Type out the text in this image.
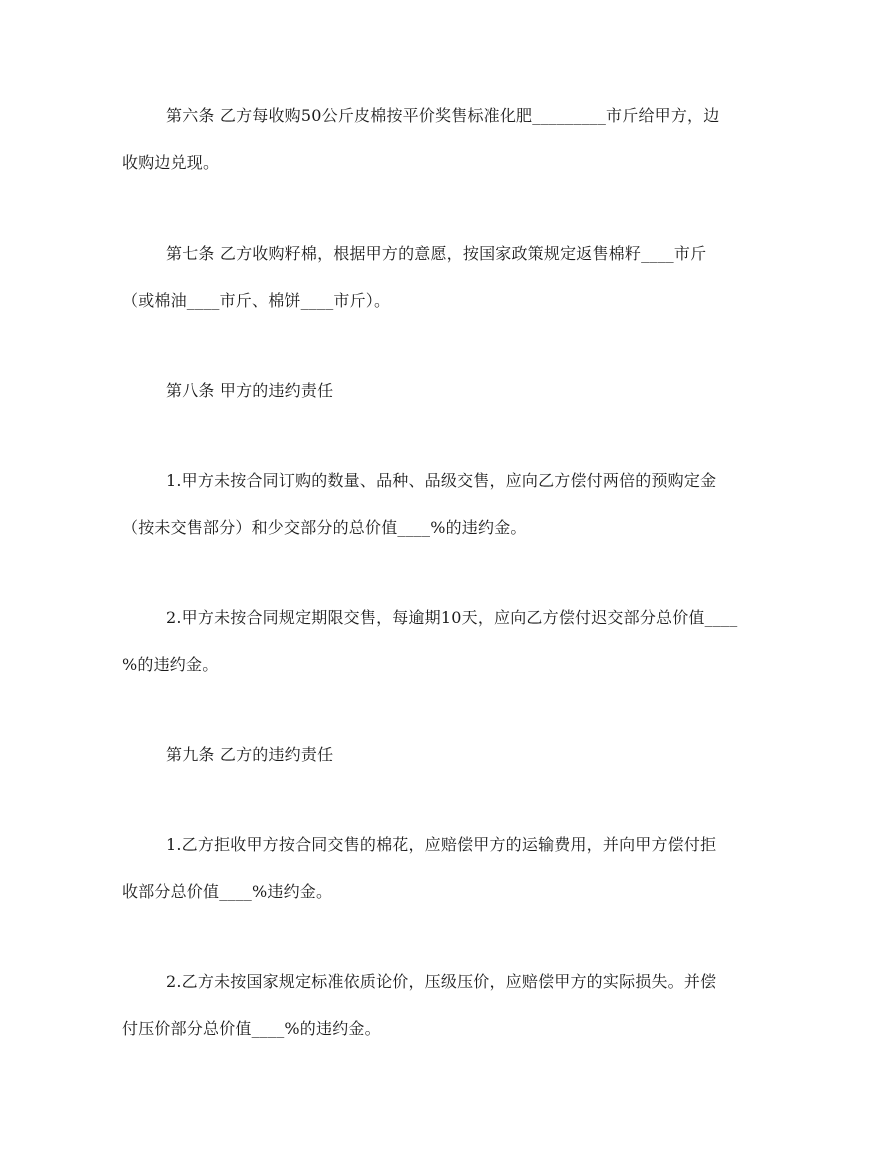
第六条 乙方每收购50公斤皮棉按平价奖售标准化肥_________市斤给甲方，边
收购边兑现。
第七条 乙方收购籽棉，根据甲方的意愿，按国家政策规定返售棉籽____市斤
（或棉油____市斤、棉饼____市斤）。
第八条 甲方的违约责任
1.甲方未按合同订购的数量、品种、品级交售，应向乙方偿付两倍的预购定金
（按未交售部分）和少交部分的总价值____%的违约金。
2.甲方未按合同规定期限交售，每逾期10天，应向乙方偿付迟交部分总价值____
%的违约金。
第九条 乙方的违约责任
1.乙方拒收甲方按合同交售的棉花，应赔偿甲方的运输费用，并向甲方偿付拒
收部分总价值____%违约金。
2.乙方未按国家规定标准依质论价，压级压价，应赔偿甲方的实际损失。并偿
付压价部分总价值____%的违约金。
